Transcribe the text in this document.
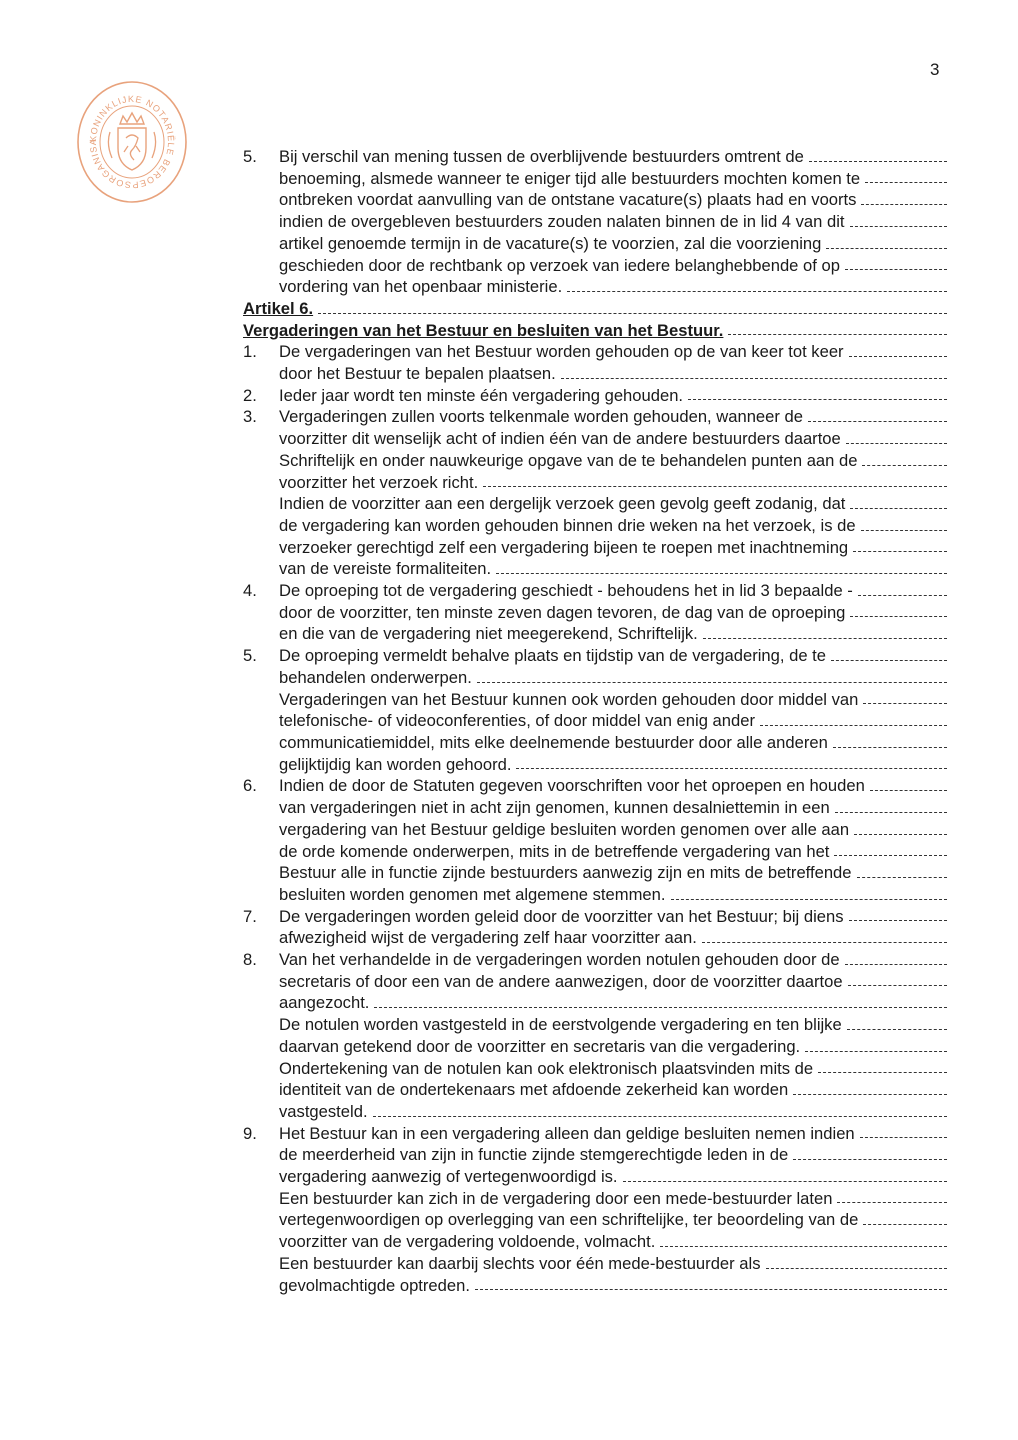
3
KONINKLIJKE NOTARIËLE BEROEPSORGANISA
5.	Bij verschil van mening tussen de overblijvende bestuurders omtrent de
benoeming, alsmede wanneer te eniger tijd alle bestuurders mochten komen te
ontbreken voordat aanvulling van de ontstane vacature(s) plaats had en voorts
indien de overgebleven bestuurders zouden nalaten binnen de in lid 4 van dit
artikel genoemde termijn in de vacature(s) te voorzien, zal die voorziening
geschieden door de rechtbank op verzoek van iedere belanghebbende of op
vordering van het openbaar ministerie.
Artikel 6.
Vergaderingen van het Bestuur en besluiten van het Bestuur.
1.	De vergaderingen van het Bestuur worden gehouden op de van keer tot keer
door het Bestuur te bepalen plaatsen.
2.	Ieder jaar wordt ten minste één vergadering gehouden.
3.	Vergaderingen zullen voorts telkenmale worden gehouden, wanneer de
voorzitter dit wenselijk acht of indien één van de andere bestuurders daartoe
Schriftelijk en onder nauwkeurige opgave van de te behandelen punten aan de
voorzitter het verzoek richt.
Indien de voorzitter aan een dergelijk verzoek geen gevolg geeft zodanig, dat
de vergadering kan worden gehouden binnen drie weken na het verzoek, is de
verzoeker gerechtigd zelf een vergadering bijeen te roepen met inachtneming
van de vereiste formaliteiten.
4.	De oproeping tot de vergadering geschiedt - behoudens het in lid 3 bepaalde -
door de voorzitter, ten minste zeven dagen tevoren, de dag van de oproeping
en die van de vergadering niet meegerekend, Schriftelijk.
5.	De oproeping vermeldt behalve plaats en tijdstip van de vergadering, de te
behandelen onderwerpen.
Vergaderingen van het Bestuur kunnen ook worden gehouden door middel van
telefonische- of videoconferenties, of door middel van enig ander
communicatiemiddel, mits elke deelnemende bestuurder door alle anderen
gelijktijdig kan worden gehoord.
6.	Indien de door de Statuten gegeven voorschriften voor het oproepen en houden
van vergaderingen niet in acht zijn genomen, kunnen desalniettemin in een
vergadering van het Bestuur geldige besluiten worden genomen over alle aan
de orde komende onderwerpen, mits in de betreffende vergadering van het
Bestuur alle in functie zijnde bestuurders aanwezig zijn en mits de betreffende
besluiten worden genomen met algemene stemmen.
7.	De vergaderingen worden geleid door de voorzitter van het Bestuur; bij diens
afwezigheid wijst de vergadering zelf haar voorzitter aan.
8.	Van het verhandelde in de vergaderingen worden notulen gehouden door de
secretaris of door een van de andere aanwezigen, door de voorzitter daartoe
aangezocht.
De notulen worden vastgesteld in de eerstvolgende vergadering en ten blijke
daarvan getekend door de voorzitter en secretaris van die vergadering.
Ondertekening van de notulen kan ook elektronisch plaatsvinden mits de
identiteit van de ondertekenaars met afdoende zekerheid kan worden
vastgesteld.
9.	Het Bestuur kan in een vergadering alleen dan geldige besluiten nemen indien
de meerderheid van zijn in functie zijnde stemgerechtigde leden in de
vergadering aanwezig of vertegenwoordigd is.
Een bestuurder kan zich in de vergadering door een mede-bestuurder laten
vertegenwoordigen op overlegging van een schriftelijke, ter beoordeling van de
voorzitter van de vergadering voldoende, volmacht.
Een bestuurder kan daarbij slechts voor één mede-bestuurder als
gevolmachtigde optreden.
